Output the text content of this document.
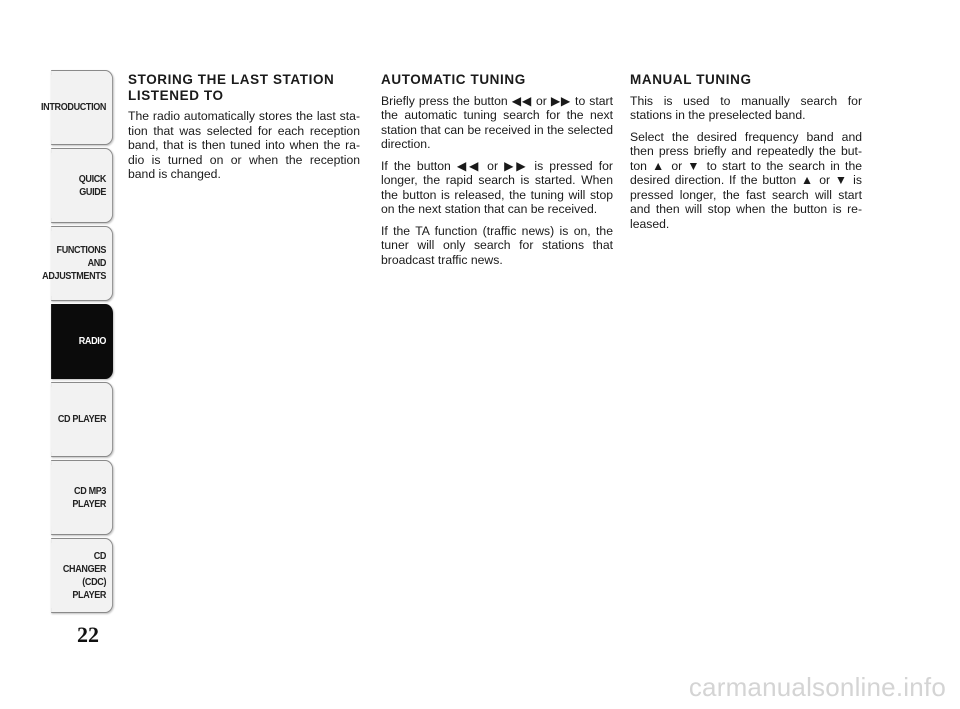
INTRODUCTION
QUICK
GUIDE
FUNCTIONS
AND
ADJUSTMENTS
RADIO
CD PLAYER
CD MP3
PLAYER
CD CHANGER
(CDC) PLAYER
22
STORING THE LAST STATION LISTENED TO

The radio automatically stores the last station that was selected for each reception band, that is then tuned into when the radio is turned on or when the reception band is changed.

AUTOMATIC TUNING

Briefly press the button ◀◀ or ▶▶ to start the automatic tuning search for the next station that can be received in the selected direction.

If the button ◀◀ or ▶▶ is pressed for longer, the rapid search is started. When the button is released, the tuning will stop on the next station that can be received.

If the TA function (traffic news) is on, the tuner will only search for stations that broadcast traffic news.

MANUAL TUNING

This is used to manually search for stations in the preselected band.

Select the desired frequency band and then press briefly and repeatedly the button ▲ or ▼ to start to the search in the desired direction. If the button ▲ or ▼ is pressed longer, the fast search will start and then will stop when the button is released.

carmanualsonline.info
